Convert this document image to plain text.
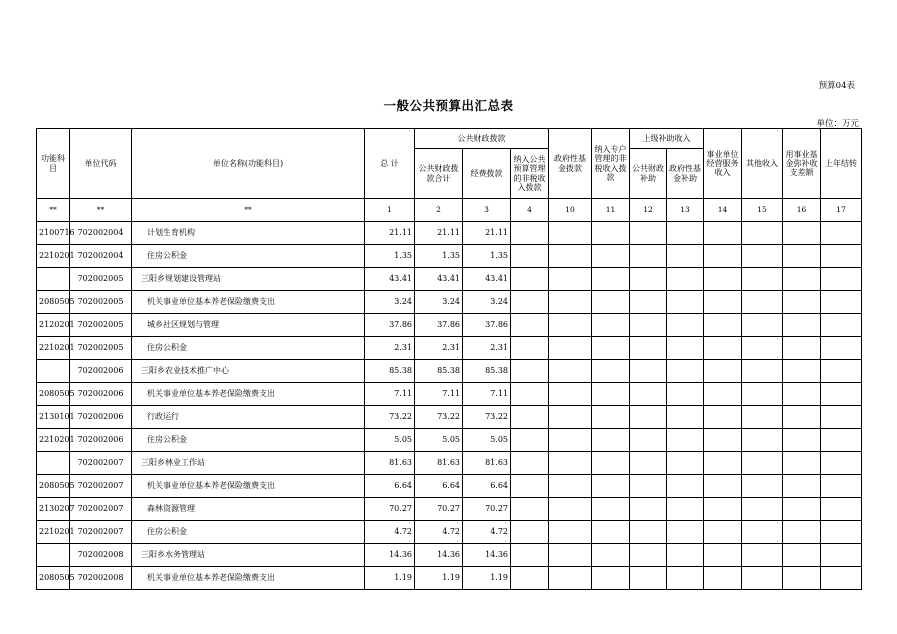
预算04表
一般公共预算出汇总表
单位：万元
功能科目	单位代码	单位名称(功能科目)	总 计	公共财政拨款			政府性基金拨款	纳入专户管理的非税收入拨款	上级补助收入		事业单位经营服务收入	其他收入	用事业基金弥补收支差额	上年结转
				公共财政拨款合计	经费拨款	纳入公共预算管理的非税收入拨款			公共财政补助	政府性基金补助				
**	**	**	1	2	3	4	10	11	12	13	14	15	16	17
2100716	702002004	计划生育机构	21.11	21.11	21.11									
2210201	702002004	住房公积金	1.35	1.35	1.35									
	702002005	三阳乡规划建设管理站	43.41	43.41	43.41									
2080505	702002005	机关事业单位基本养老保险缴费支出	3.24	3.24	3.24									
2120201	702002005	城乡社区规划与管理	37.86	37.86	37.86									
2210201	702002005	住房公积金	2.31	2.31	2.31									
	702002006	三阳乡农业技术推广中心	85.38	85.38	85.38									
2080505	702002006	机关事业单位基本养老保险缴费支出	7.11	7.11	7.11									
2130101	702002006	行政运行	73.22	73.22	73.22									
2210201	702002006	住房公积金	5.05	5.05	5.05									
	702002007	三阳乡林业工作站	81.63	81.63	81.63									
2080505	702002007	机关事业单位基本养老保险缴费支出	6.64	6.64	6.64									
2130207	702002007	森林资源管理	70.27	70.27	70.27									
2210201	702002007	住房公积金	4.72	4.72	4.72									
	702002008	三阳乡水务管理站	14.36	14.36	14.36									
2080505	702002008	机关事业单位基本养老保险缴费支出	1.19	1.19	1.19									
